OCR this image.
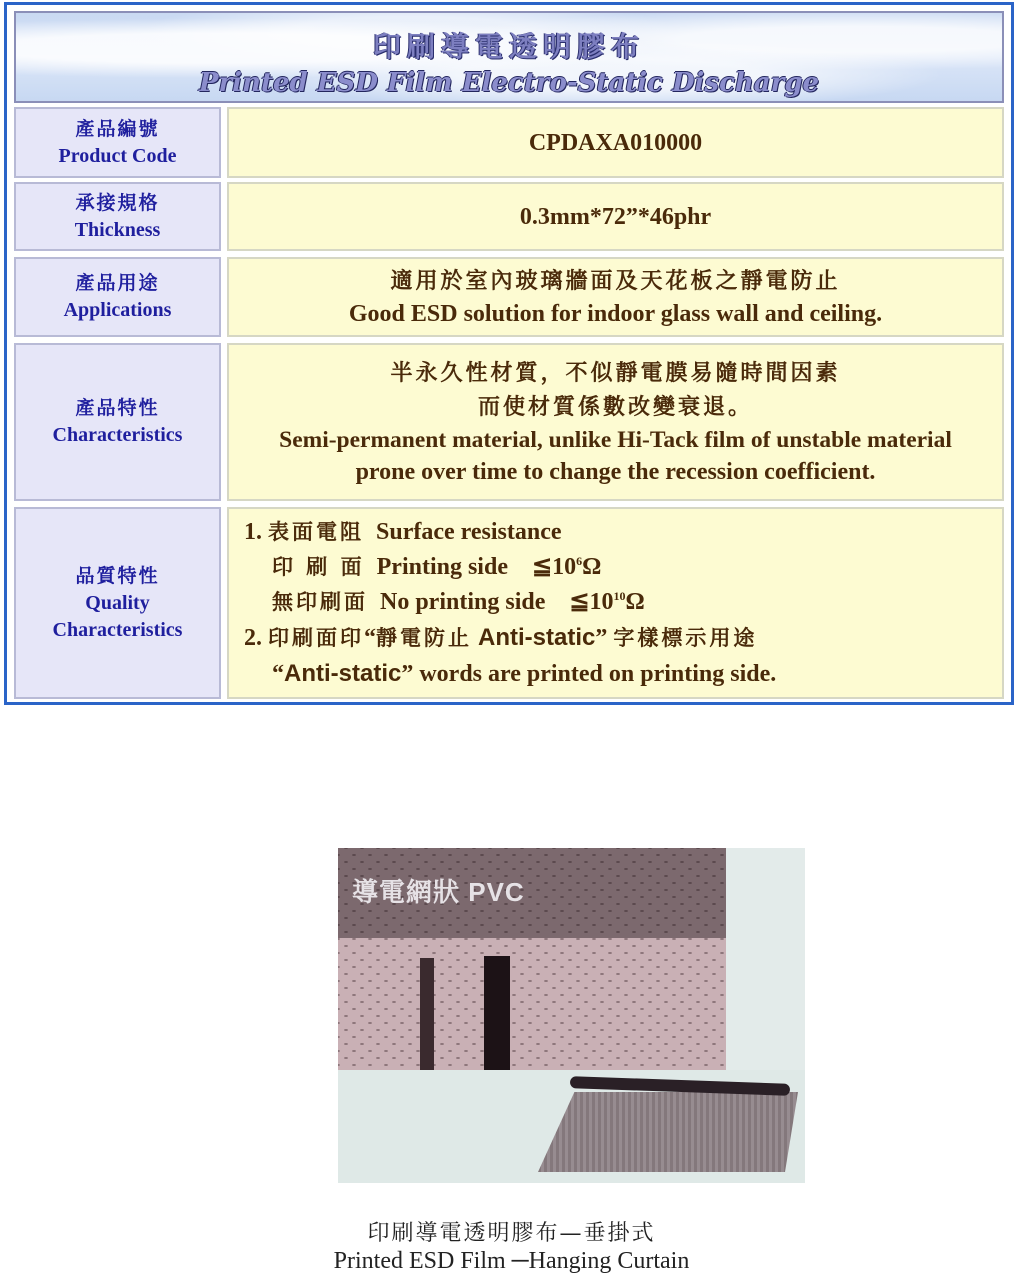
印刷導電透明膠布
Printed ESD Film Electro-Static Discharge
產品編號
Product Code	CPDAXA010000
承接規格
Thickness	0.3mm*72”*46phr
產品用途
Applications
適用於室內玻璃牆面及天花板之靜電防止
Good ESD solution for indoor glass wall and ceiling.
產品特性
Characteristics
半永久性材質，不似靜電膜易隨時間因素
而使材質係數改變衰退。
Semi-permanent material, unlike Hi-Tack film of unstable material
prone over time to change the recession coefficient.
品質特性
Quality
Characteristics
1. 表面電阻 Surface resistance
印 刷 面 Printing side $≦10^6\Omega$
無印刷面 No printing side $≦10^{10}\Omega$
2. 印刷面印“靜電防止 Anti-static” 字樣標示用途
“Anti-static” words are printed on printing side.
導電網狀 PVC
印刷導電透明膠布—垂掛式
Printed ESD Film ─Hanging Curtain
